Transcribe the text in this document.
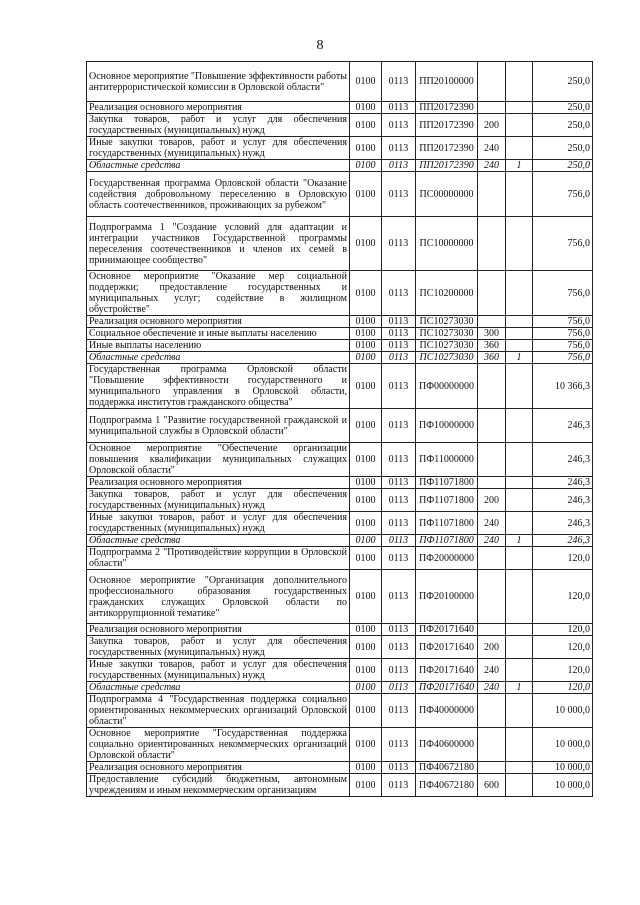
8
Основное мероприятие "Повышение эффективности работы антитеррористической комиссии в Орловской области"	0100	0113	ПП20100000			250,0
Реализация основного мероприятия	0100	0113	ПП20172390			250,0
Закупка товаров, работ и услуг для обеспечения государственных (муниципальных) нужд	0100	0113	ПП20172390	200		250,0
Иные закупки товаров, работ и услуг для обеспечения государственных (муниципальных) нужд	0100	0113	ПП20172390	240		250,0
Областные средства	0100	0113	ПП20172390	240	1	250,0
Государственная программа Орловской области "Оказание содействия добровольному переселению в Орловскую область соотечественников, проживающих за рубежом"	0100	0113	ПС00000000			756,0
Подпрограмма 1 "Создание условий для адаптации и интеграции участников Государственной программы переселения соотечественников и членов их семей в принимающее сообщество"	0100	0113	ПС10000000			756,0
Основное мероприятие "Оказание мер социальной поддержки; предоставление государственных и муниципальных услуг; содействие в жилищном обустройстве"	0100	0113	ПС10200000			756,0
Реализация основного мероприятия	0100	0113	ПС10273030			756,0
Социальное обеспечение и иные выплаты населению	0100	0113	ПС10273030	300		756,0
Иные выплаты населению	0100	0113	ПС10273030	360		756,0
Областные средства	0100	0113	ПС10273030	360	1	756,0
Государственная программа Орловской области "Повышение эффективности государственного и муниципального управления в Орловской области, поддержка институтов гражданского общества"	0100	0113	ПФ00000000			10 366,3
Подпрограмма 1 "Развитие государственной гражданской и муниципальной службы в Орловской области"	0100	0113	ПФ10000000			246,3
Основное мероприятие "Обеспечение организации повышения квалификации муниципальных служащих Орловской области"	0100	0113	ПФ11000000			246,3
Реализация основного мероприятия	0100	0113	ПФ11071800			246,3
Закупка товаров, работ и услуг для обеспечения государственных (муниципальных) нужд	0100	0113	ПФ11071800	200		246,3
Иные закупки товаров, работ и услуг для обеспечения государственных (муниципальных) нужд	0100	0113	ПФ11071800	240		246,3
Областные средства	0100	0113	ПФ11071800	240	1	246,3
Подпрограмма 2 "Противодействие коррупции в Орловской области"	0100	0113	ПФ20000000			120,0
Основное мероприятие "Организация дополнительного профессионального образования государственных гражданских служащих Орловской области по антикоррупционной тематике"	0100	0113	ПФ20100000			120,0
Реализация основного мероприятия	0100	0113	ПФ20171640			120,0
Закупка товаров, работ и услуг для обеспечения государственных (муниципальных) нужд	0100	0113	ПФ20171640	200		120,0
Иные закупки товаров, работ и услуг для обеспечения государственных (муниципальных) нужд	0100	0113	ПФ20171640	240		120,0
Областные средства	0100	0113	ПФ20171640	240	1	120,0
Подпрограмма 4 "Государственная поддержка социально ориентированных некоммерческих организаций Орловской области"	0100	0113	ПФ40000000			10 000,0
Основное мероприятие "Государственная поддержка социально ориентированных некоммерческих организаций Орловской области"	0100	0113	ПФ40600000			10 000,0
Реализация основного мероприятия	0100	0113	ПФ40672180			10 000,0
Предоставление субсидий бюджетным, автономным учреждениям и иным некоммерческим организациям	0100	0113	ПФ40672180	600		10 000,0
